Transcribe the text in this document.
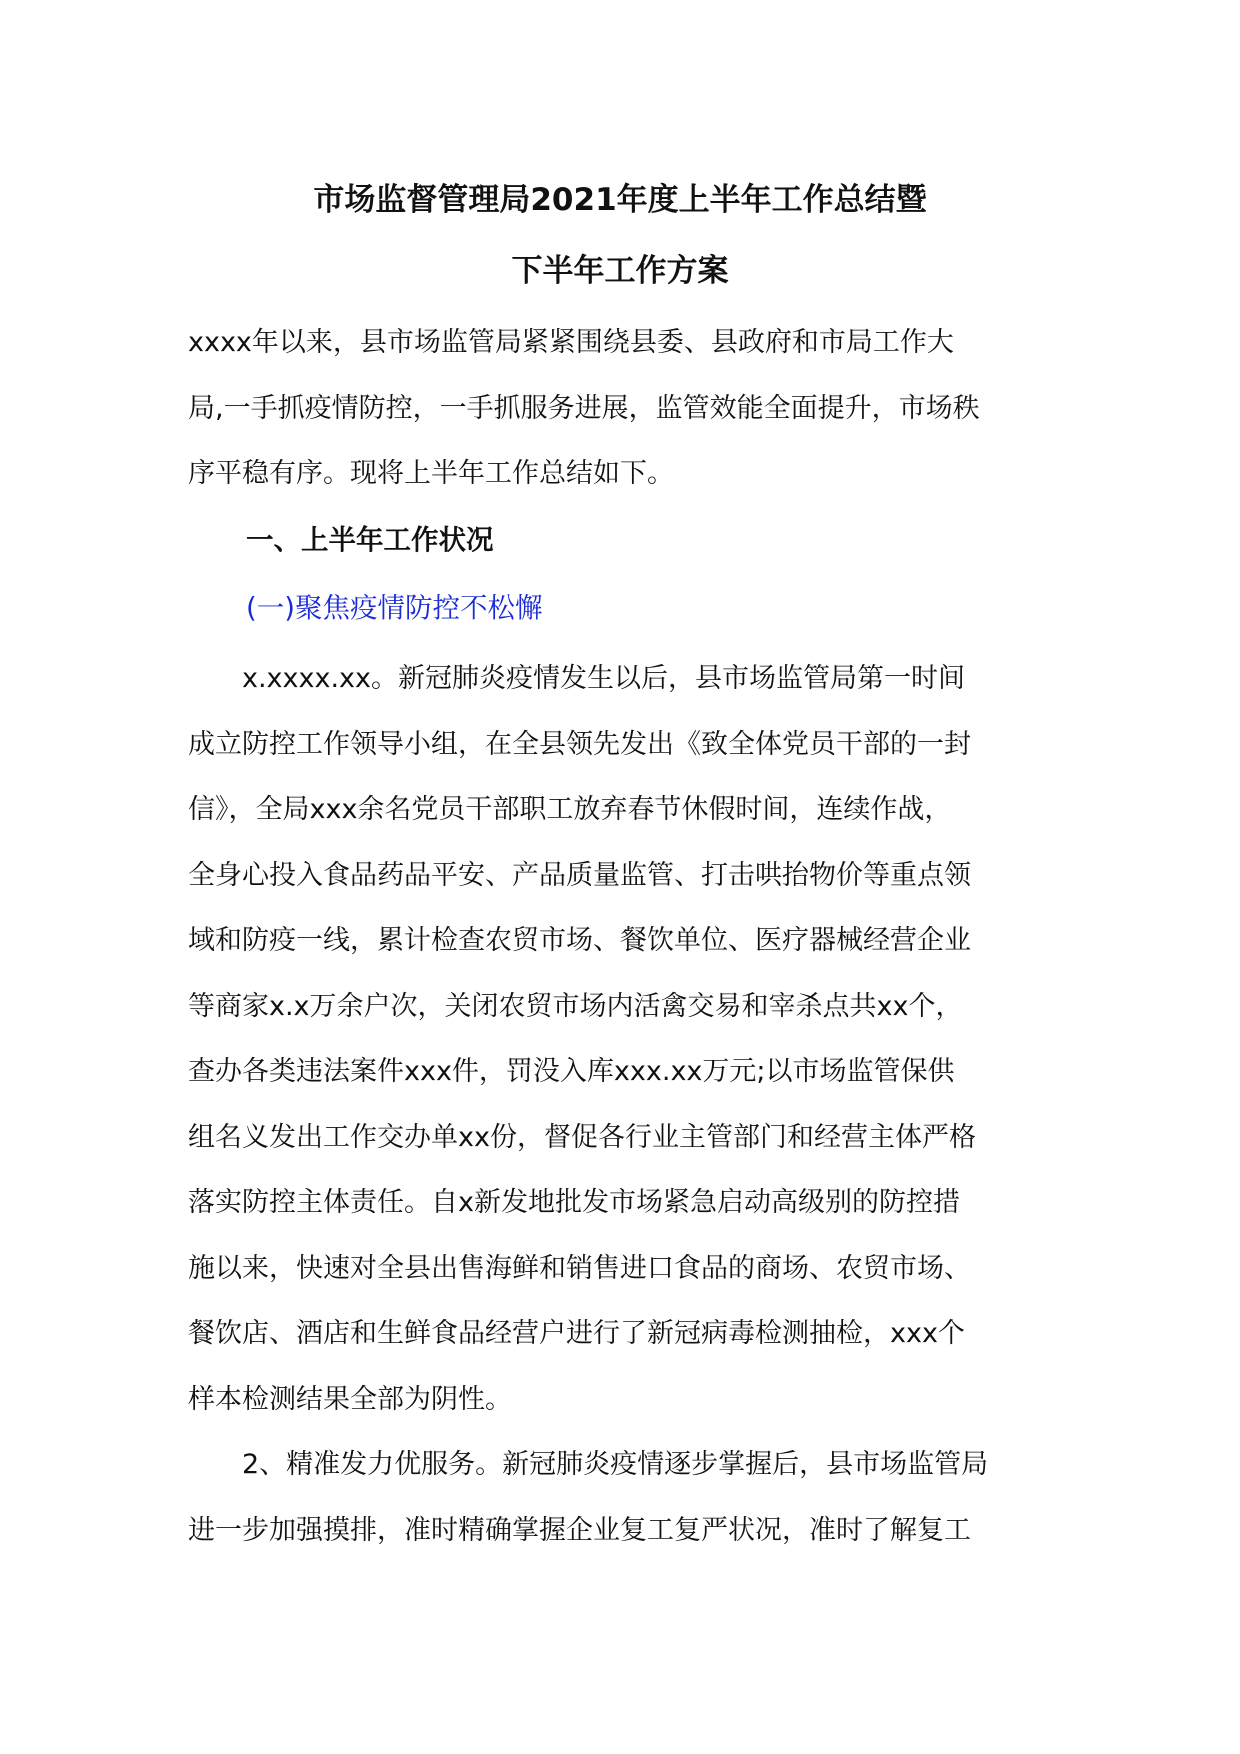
市场监督管理局2021年度上半年工作总结暨
下半年工作方案
xxxx年以来，县市场监管局紧紧围绕县委、县政府和市局工作大
局,一手抓疫情防控，一手抓服务进展，监管效能全面提升，市场秩
序平稳有序。现将上半年工作总结如下。
一、上半年工作状况
(一)聚焦疫情防控不松懈
　　x.xxxx.xx。新冠肺炎疫情发生以后，县市场监管局第一时间
成立防控工作领导小组，在全县领先发出《致全体党员干部的一封
信》，全局xxx余名党员干部职工放弃春节休假时间，连续作战，
全身心投入食品药品平安、产品质量监管、打击哄抬物价等重点领
域和防疫一线，累计检查农贸市场、餐饮单位、医疗器械经营企业
等商家x.x万余户次，关闭农贸市场内活禽交易和宰杀点共xx个，
查办各类违法案件xxx件，罚没入库xxx.xx万元;以市场监管保供
组名义发出工作交办单xx份，督促各行业主管部门和经营主体严格
落实防控主体责任。自x新发地批发市场紧急启动高级别的防控措
施以来，快速对全县出售海鲜和销售进口食品的商场、农贸市场、
餐饮店、酒店和生鲜食品经营户进行了新冠病毒检测抽检，xxx个
样本检测结果全部为阴性。
　　2、精准发力优服务。新冠肺炎疫情逐步掌握后，县市场监管局
进一步加强摸排，准时精确掌握企业复工复严状况，准时了解复工
